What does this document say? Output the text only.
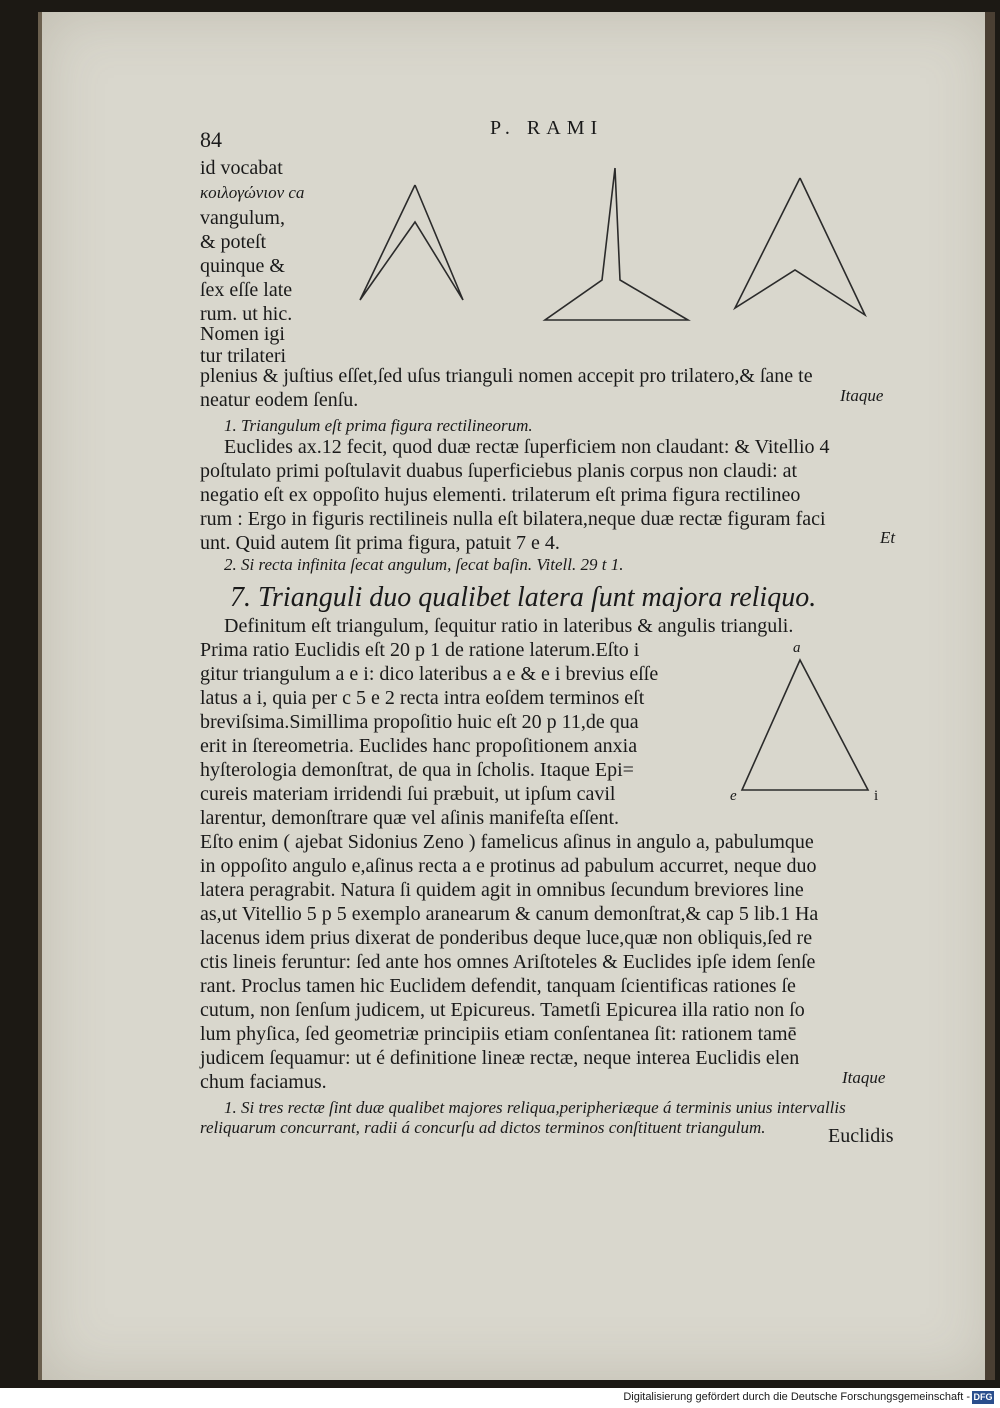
84	P. RAMI
id vocabat
κοιλογώνιον ca
vangulum,
& poteſt
quinque &
ſex eſſe late
rum. ut hic.
Nomen igi
tur trilateri
plenius & juſtius eſſet,ſed uſus trianguli nomen accepit pro trilatero,& ſane te
neatur eodem ſenſu.	Itaque
1. Triangulum eſt prima figura rectilineorum.
Euclides ax.12 fecit, quod duæ rectæ ſuperficiem non claudant: & Vitellio 4
poſtulato primi poſtulavit duabus ſuperficiebus planis corpus non claudi: at
negatio eſt ex oppoſito hujus elementi. trilaterum eſt prima figura rectilineo
rum : Ergo in figuris rectilineis nulla eſt bilatera,neque duæ rectæ figuram faci
unt. Quid autem ſit prima figura, patuit 7 e 4.	Et
2. Si recta infinita ſecat angulum, ſecat baſin. Vitell. 29 t 1.
7. Trianguli duo qualibet latera ſunt majora reliquo.
Definitum eſt triangulum, ſequitur ratio in lateribus & angulis trianguli.
Prima ratio Euclidis eſt 20 p 1 de ratione laterum.Eſto i
gitur triangulum a e i: dico lateribus a e & e i brevius eſſe
latus a i, quia per c 5 e 2 recta intra eoſdem terminos eſt
breviſsima.Simillima propoſitio huic eſt 20 p 11,de qua
erit in ſtereometria. Euclides hanc propoſitionem anxia
hyſterologia demonſtrat, de qua in ſcholis. Itaque Epi=
cureis materiam irridendi ſui præbuit, ut ipſum cavil
larentur, demonſtrare quæ vel aſinis manifeſta eſſent.
Eſto enim ( ajebat Sidonius Zeno ) famelicus aſinus in angulo a, pabulumque
in oppoſito angulo e,aſinus recta a e protinus ad pabulum accurret, neque duo
latera peragrabit. Natura ſi quidem agit in omnibus ſecundum breviores line
as,ut Vitellio 5 p 5 exemplo aranearum & canum demonſtrat,& cap 5 lib.1 Ha
lacenus idem prius dixerat de ponderibus deque luce,quæ non obliquis,ſed re
ctis lineis feruntur: ſed ante hos omnes Ariſtoteles & Euclides ipſe idem ſenſe
rant. Proclus tamen hic Euclidem defendit, tanquam ſcientificas rationes ſe
cutum, non ſenſum judicem, ut Epicureus. Tametſi Epicurea illa ratio non ſo
lum phyſica, ſed geometriæ principiis etiam conſentanea ſit: rationem tamē
judicem ſequamur: ut é definitione lineæ rectæ, neque interea Euclidis elen
chum faciamus.	Itaque
a
e	i
1. Si tres rectæ ſint duæ qualibet majores reliqua,peripheriæque á terminis unius intervallis
reliquarum concurrant, radii á concurſu ad dictos terminos conſtituent triangulum.	Euclidis
Digitalisierung gefördert durch die Deutsche Forschungsgemeinschaft - DFG
